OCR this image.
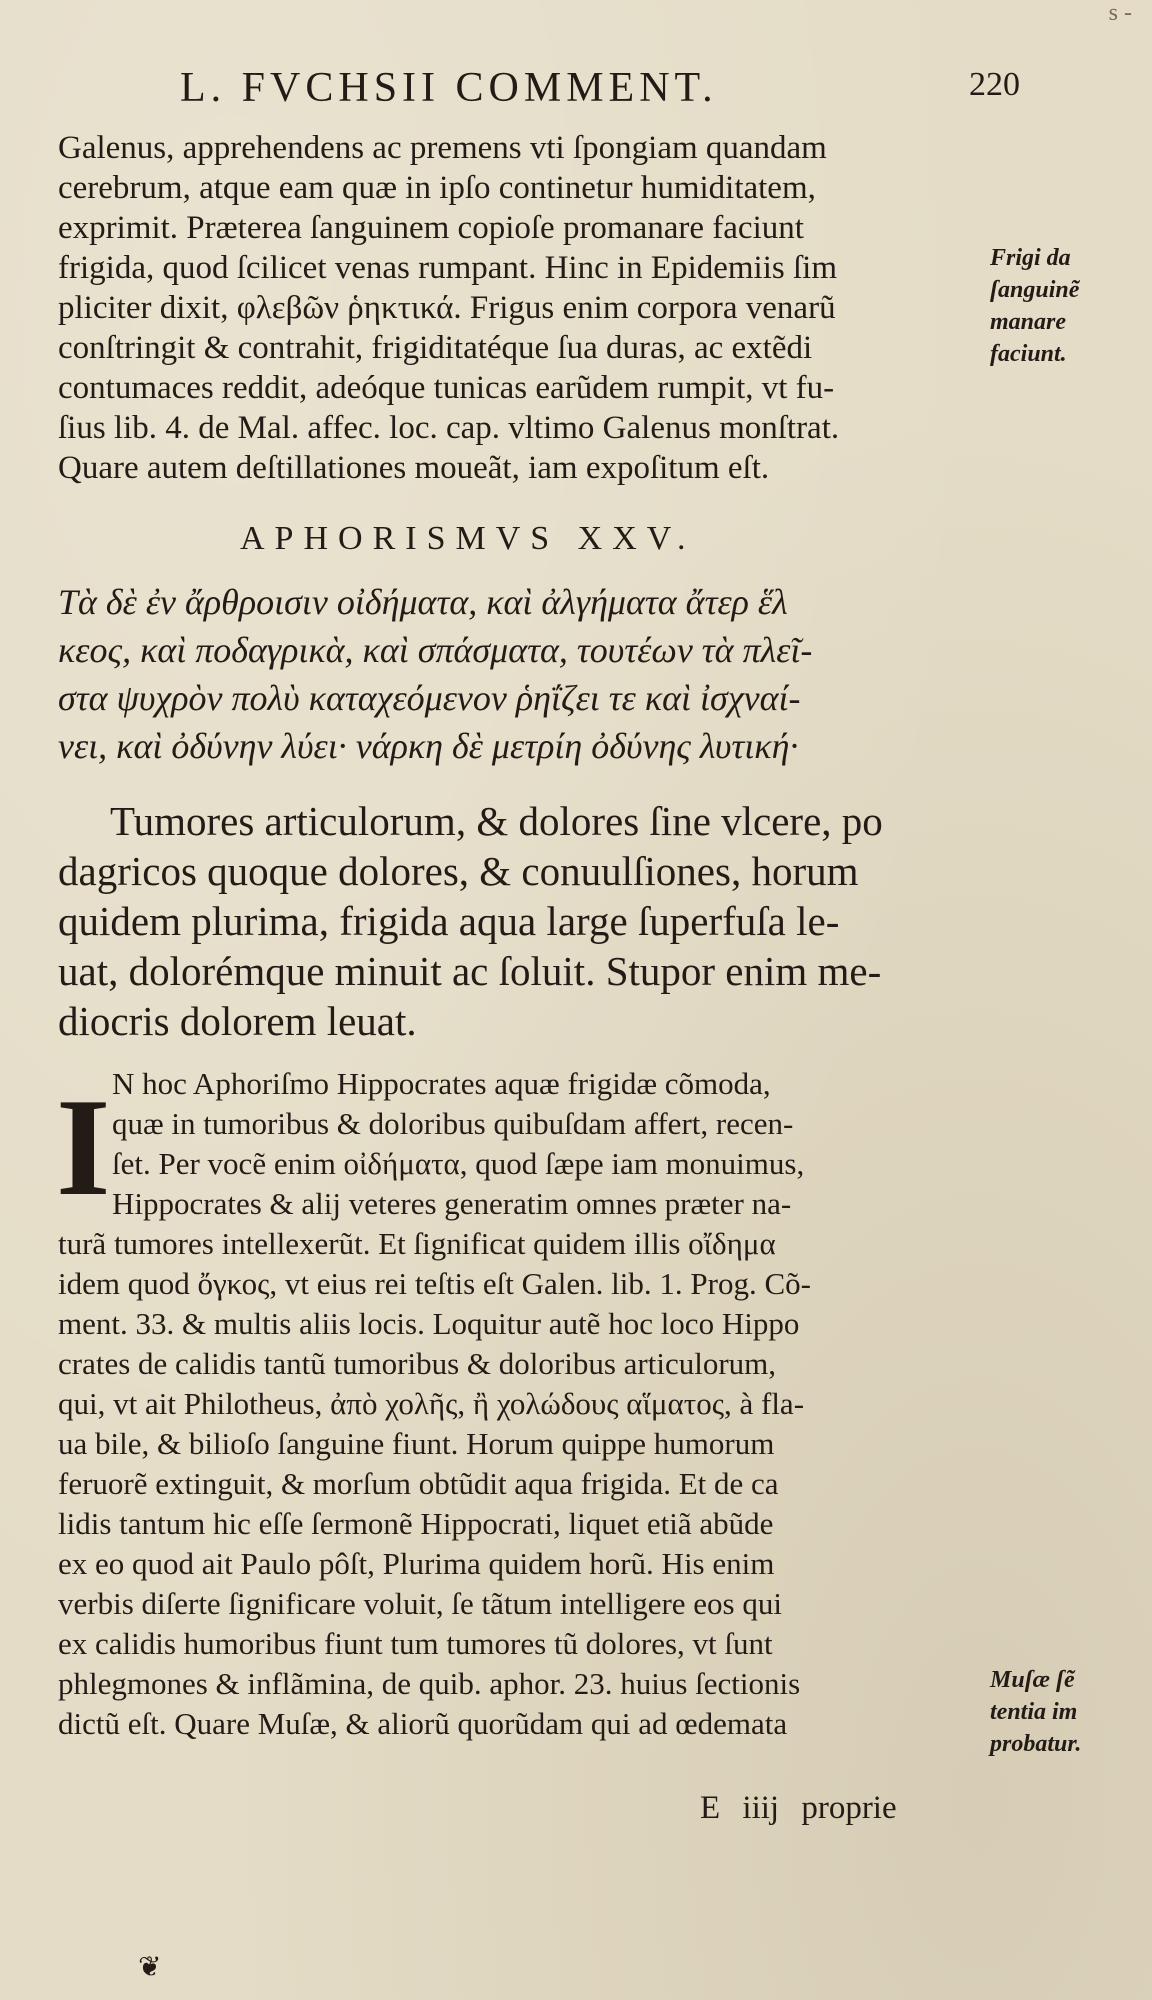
L. FVCHSII COMMENT.	220
s -
Galenus, apprehendens ac premens vti ſpongiam quandam
cerebrum, atque eam quæ in ipſo continetur humiditatem,
exprimit. Præterea ſanguinem copioſe promanare faciunt
frigida, quod ſcilicet venas rumpant. Hinc in Epidemiis ſim
pliciter dixit, φλεβῶν ῥηκτικά. Frigus enim corpora venarũ
conſtringit & contrahit, frigiditatéque ſua duras, ac extẽdi
contumaces reddit, adeóque tunicas earũdem rumpit, vt fu-
ſius lib. 4. de Mal. affec. loc. cap. vltimo Galenus monſtrat.
Quare autem deſtillationes moueãt, iam expoſitum eſt.
Frigi da
ſanguinẽ
manare
faciunt.
APHORISMVS XXV.
Τὰ δὲ ἐν ἄρθροισιν οἰδήματα, καὶ ἀλγήματα ἄτερ ἕλ
κεος, καὶ ποδαγρικὰ, καὶ σπάσματα, τουτέων τὰ πλεῖ-
στα ψυχρὸν πολὺ καταχεόμενον ῥηΐζει τε καὶ ἰσχναί-
νει, καὶ ὀδύνην λύει· νάρκη δὲ μετρίη ὀδύνης λυτική·
Tumores articulorum, & dolores ſine vlcere, po
dagricos quoque dolores, & conuulſiones, horum
quidem plurima, frigida aqua large ſuperfuſa le-
uat, dolorémque minuit ac ſoluit. Stupor enim me-
diocris dolorem leuat.
I N hoc Aphoriſmo Hippocrates aquæ frigidæ cõmoda,
quæ in tumoribus & doloribus quibuſdam affert, recen-
ſet. Per vocẽ enim οἰδήματα, quod ſæpe iam monuimus,
Hippocrates & alij veteres generatim omnes præter na-
turã tumores intellexerũt. Et ſignificat quidem illis οἴδημα
idem quod ὄγκος, vt eius rei teſtis eſt Galen. lib. 1. Prog. Cõ-
ment. 33. & multis aliis locis. Loquitur autẽ hoc loco Hippo
crates de calidis tantũ tumoribus & doloribus articulorum,
qui, vt ait Philotheus, ἀπὸ χολῆς, ἢ χολώδους αἵματος, à fla-
ua bile, & bilioſo ſanguine fiunt. Horum quippe humorum
feruorẽ extinguit, & morſum obtũdit aqua frigida. Et de ca
lidis tantum hic eſſe ſermonẽ Hippocrati, liquet etiã abũde
ex eo quod ait Paulo pôſt, Plurima quidem horũ. His enim
verbis diſerte ſignificare voluit, ſe tãtum intelligere eos qui
ex calidis humoribus fiunt tum tumores tũ dolores, vt ſunt
phlegmones & inflãmina, de quib. aphor. 23. huius ſectionis
dictũ eſt. Quare Muſæ, & aliorũ quorũdam qui ad œdemata
Muſæ ſẽ
tentia im
probatur.
E iiij proprie
❦
